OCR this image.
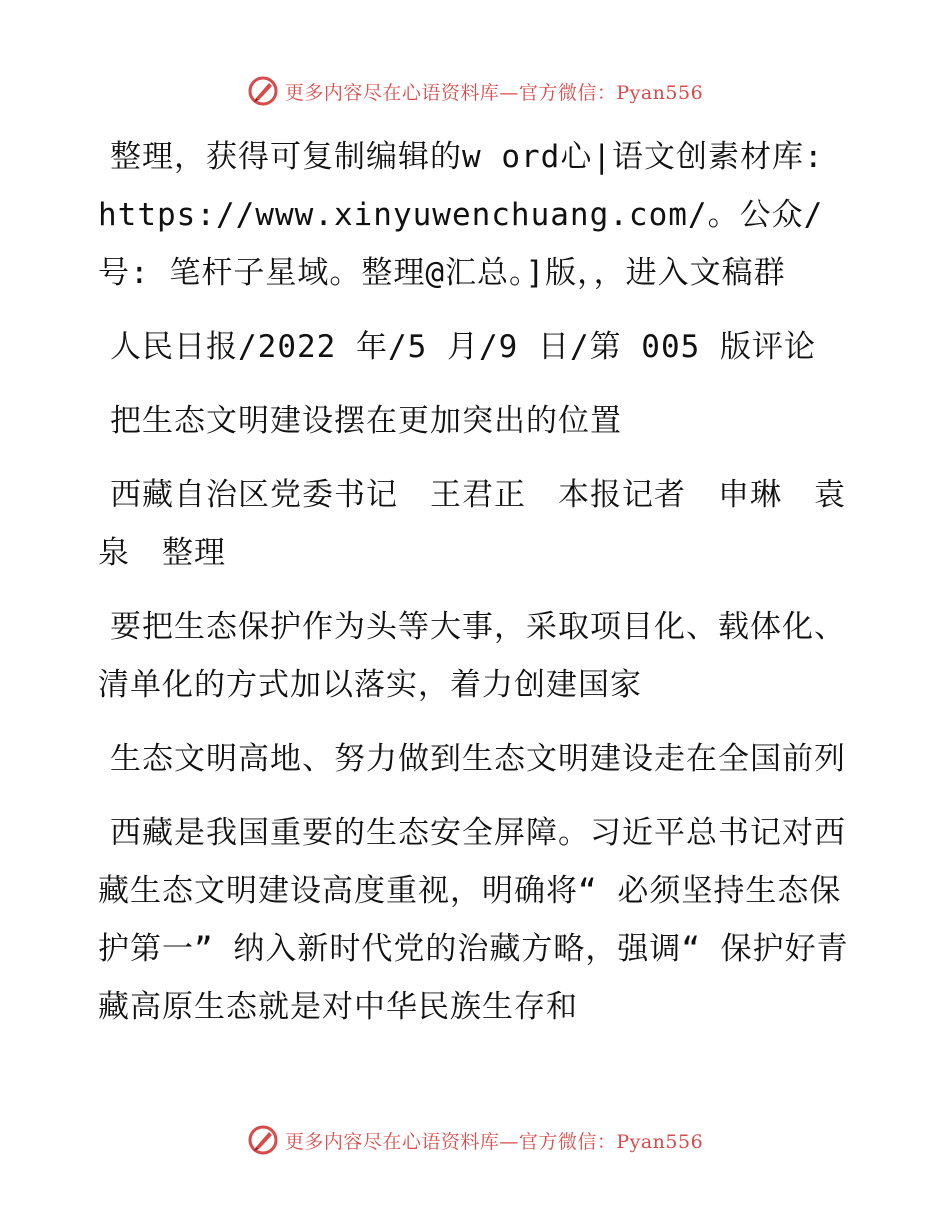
更多内容尽在心语资料库—官方微信：Pyan556

整理，获得可复制编辑的w ord心|语文创素材库: https://www.xinyuwenchuang.com/。公众/号: 笔杆子星域。整理@汇总。]版，，进入文稿群

人民日报/2022 年/5 月/9 日/第 005 版评论

把生态文明建设摆在更加突出的位置

西藏自治区党委书记　王君正　本报记者　申琳　袁泉　整理

要把生态保护作为头等大事，采取项目化、载体化、清单化的方式加以落实，着力创建国家

生态文明高地、努力做到生态文明建设走在全国前列

西藏是我国重要的生态安全屏障。习近平总书记对西藏生态文明建设高度重视，明确将“ 必须坚持生态保护第一” 纳入新时代党的治藏方略，强调“ 保护好青藏高原生态就是对中华民族生存和

更多内容尽在心语资料库—官方微信：Pyan556
